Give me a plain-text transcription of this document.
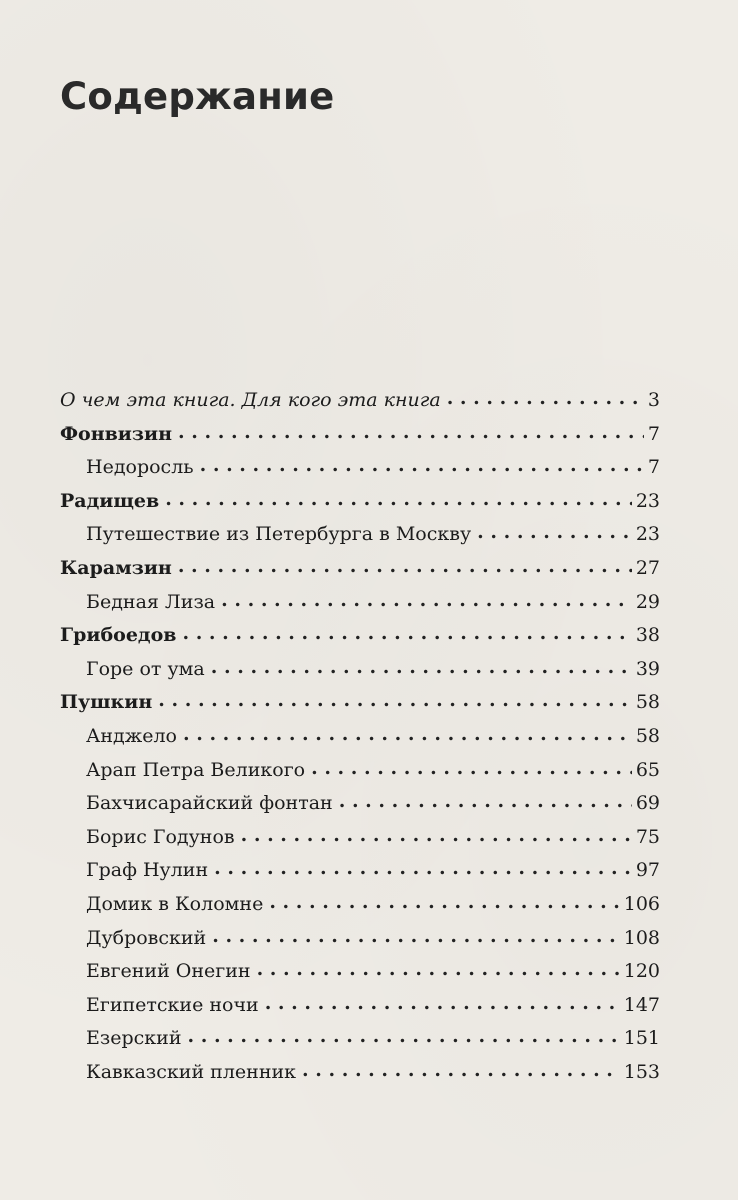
Содержание
О чем эта книга. Для кого эта книга . . .	3
Фонвизин . . .	7
Недоросль . . .	7
Радищев . . .	23
Путешествие из Петербурга в Москву . . .	23
Карамзин . . .	27
Бедная Лиза . . .	29
Грибоедов . . .	38
Горе от ума . . .	39
Пушкин . . .	58
Анджело . . .	58
Арап Петра Великого . . .	65
Бахчисарайский фонтан . . .	69
Борис Годунов . . .	75
Граф Нулин . . .	97
Домик в Коломне . . .	106
Дубровский . . .	108
Евгений Онегин . . .	120
Египетские ночи . . .	147
Езерский . . .	151
Кавказский пленник . . .	153
